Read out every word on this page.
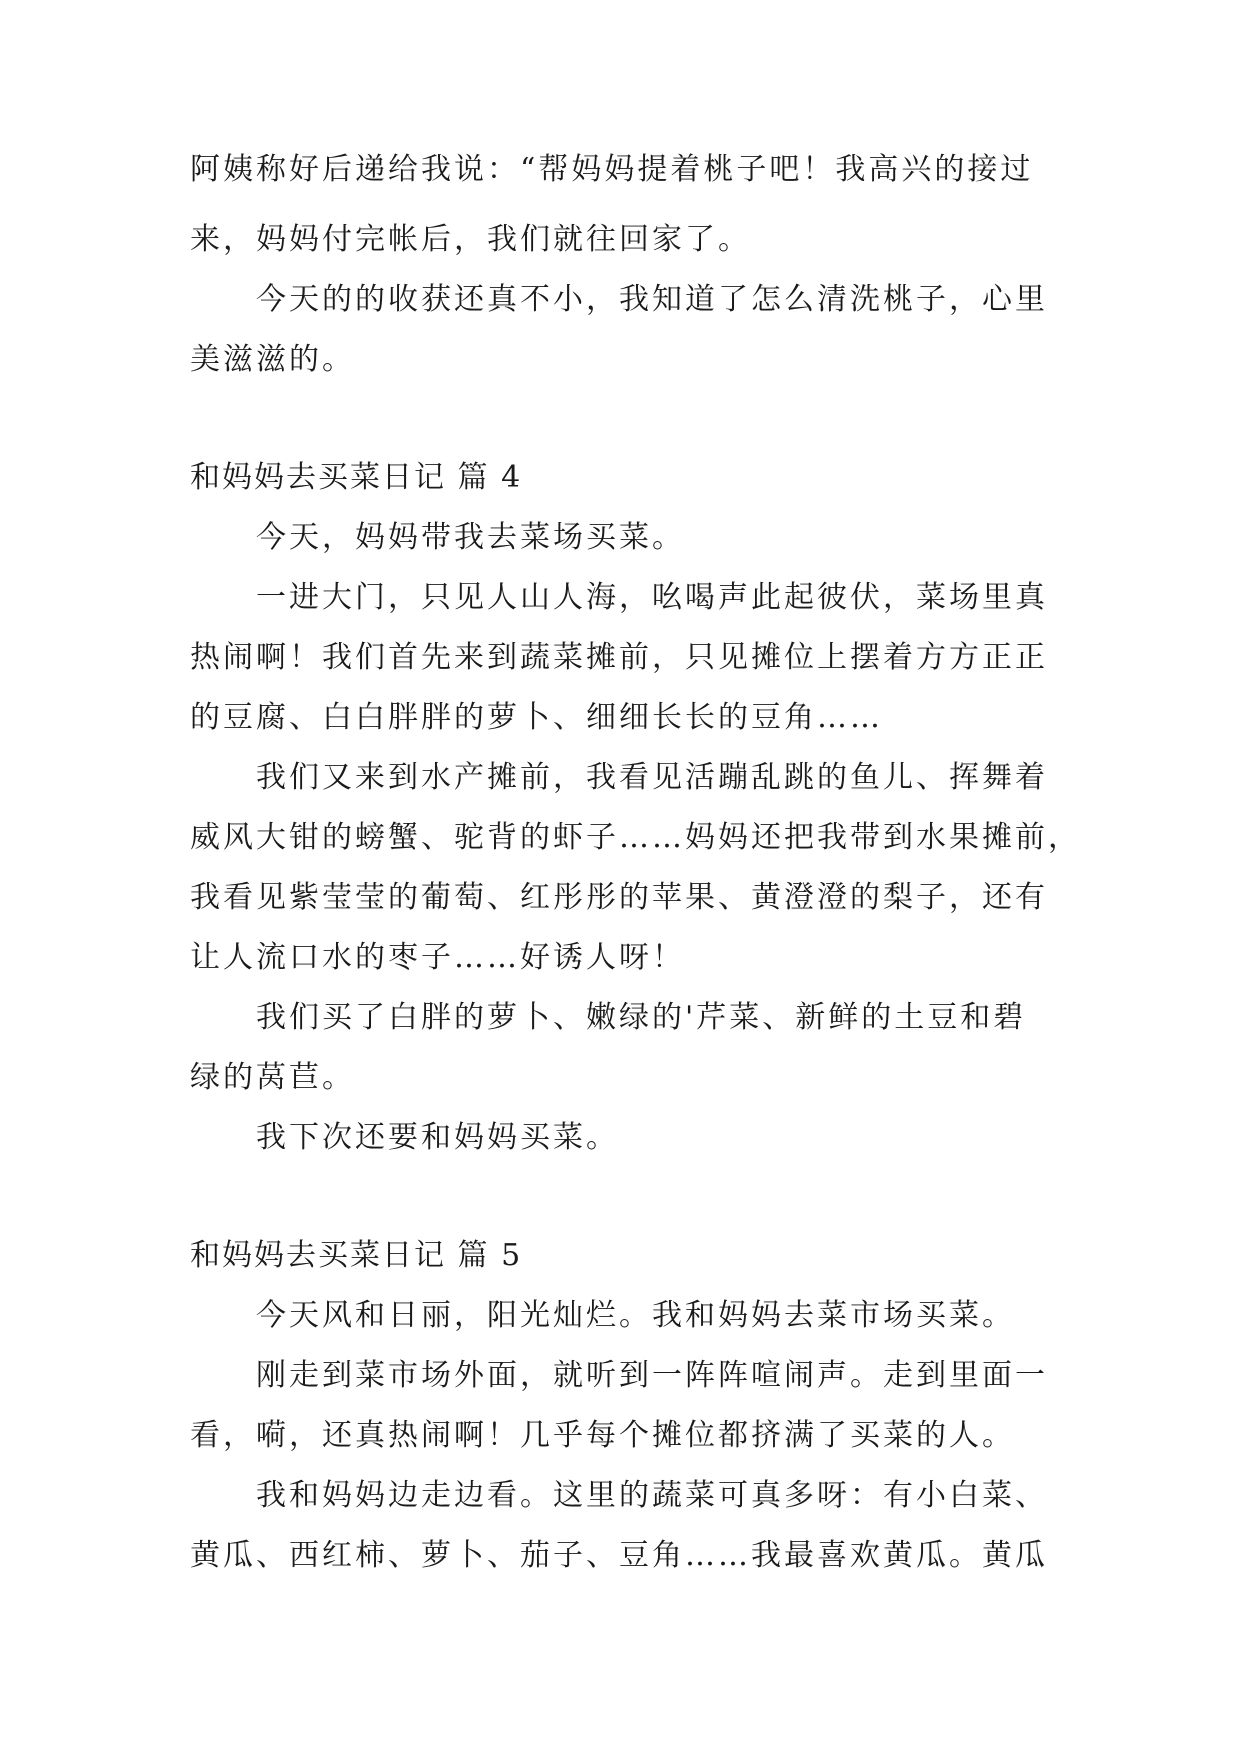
阿姨称好后递给我说：“帮妈妈提着桃子吧！我高兴的接过
来，妈妈付完帐后，我们就往回家了。
今天的的收获还真不小，我知道了怎么清洗桃子，心里
美滋滋的。
和妈妈去买菜日记 篇 4
今天，妈妈带我去菜场买菜。
一进大门，只见人山人海，吆喝声此起彼伏，菜场里真
热闹啊！我们首先来到蔬菜摊前，只见摊位上摆着方方正正
的豆腐、白白胖胖的萝卜、细细长长的豆角……
我们又来到水产摊前，我看见活蹦乱跳的鱼儿、挥舞着
威风大钳的螃蟹、驼背的虾子……妈妈还把我带到水果摊前，
我看见紫莹莹的葡萄、红彤彤的苹果、黄澄澄的梨子，还有
让人流口水的枣子……好诱人呀！
我们买了白胖的萝卜、嫩绿的'芹菜、新鲜的土豆和碧
绿的莴苣。
我下次还要和妈妈买菜。
和妈妈去买菜日记 篇 5
今天风和日丽，阳光灿烂。我和妈妈去菜市场买菜。
刚走到菜市场外面，就听到一阵阵喧闹声。走到里面一
看，嗬，还真热闹啊！几乎每个摊位都挤满了买菜的人。
我和妈妈边走边看。这里的蔬菜可真多呀：有小白菜、
黄瓜、西红柿、萝卜、茄子、豆角……我最喜欢黄瓜。黄瓜
